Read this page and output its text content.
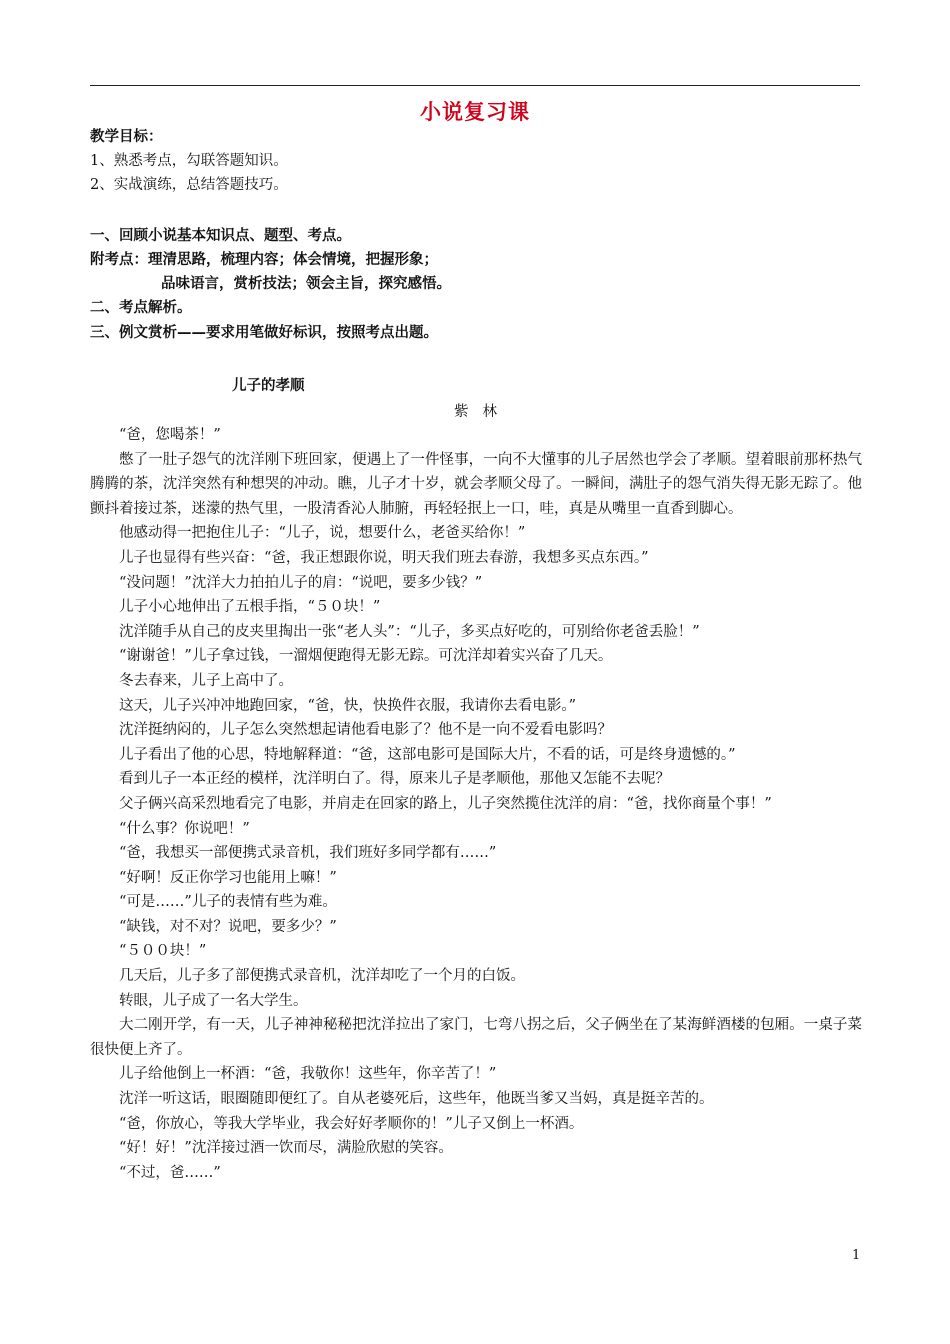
小说复习课
教学目标：
1、熟悉考点，勾联答题知识。
2、实战演练，总结答题技巧。
一、回顾小说基本知识点、题型、考点。
附考点：理清思路，梳理内容；体会情境，把握形象；
品味语言，赏析技法；领会主旨，探究感悟。
二、考点解析。
三、例文赏析——要求用笔做好标识，按照考点出题。
儿子的孝顺
紫林

“爸，您喝茶！”

憋了一肚子怨气的沈洋刚下班回家，便遇上了一件怪事，一向不大懂事的儿子居然也学会了孝顺。望着眼前那杯热气腾腾的茶，沈洋突然有种想哭的冲动。瞧，儿子才十岁，就会孝顺父母了。一瞬间，满肚子的怨气消失得无影无踪了。他颤抖着接过茶，迷濛的热气里，一股清香沁人肺腑，再轻轻抿上一口，哇，真是从嘴里一直香到脚心。

他感动得一把抱住儿子：“儿子，说，想要什么，老爸买给你！”

儿子也显得有些兴奋：“爸，我正想跟你说，明天我们班去春游，我想多买点东西。”

“没问题！”沈洋大力拍拍儿子的肩：“说吧，要多少钱？”

儿子小心地伸出了五根手指，“５０块！”

沈洋随手从自己的皮夹里掏出一张“老人头”：“儿子，多买点好吃的，可别给你老爸丢脸！”

“谢谢爸！”儿子拿过钱，一溜烟便跑得无影无踪。可沈洋却着实兴奋了几天。

冬去春来，儿子上高中了。

这天，儿子兴冲冲地跑回家，“爸，快，快换件衣服，我请你去看电影。”

沈洋挺纳闷的，儿子怎么突然想起请他看电影了？他不是一向不爱看电影吗？

儿子看出了他的心思，特地解释道：“爸，这部电影可是国际大片，不看的话，可是终身遗憾的。”

看到儿子一本正经的模样，沈洋明白了。得，原来儿子是孝顺他，那他又怎能不去呢？

父子俩兴高采烈地看完了电影，并肩走在回家的路上，儿子突然揽住沈洋的肩：“爸，找你商量个事！”

“什么事？你说吧！”

“爸，我想买一部便携式录音机，我们班好多同学都有……”

“好啊！反正你学习也能用上嘛！”

“可是……”儿子的表情有些为难。

“缺钱，对不对？说吧，要多少？”

“５００块！”

几天后，儿子多了部便携式录音机，沈洋却吃了一个月的白饭。

转眼，儿子成了一名大学生。

大二刚开学，有一天，儿子神神秘秘把沈洋拉出了家门，七弯八拐之后，父子俩坐在了某海鲜酒楼的包厢。一桌子菜很快便上齐了。

儿子给他倒上一杯酒：“爸，我敬你！这些年，你辛苦了！”

沈洋一听这话，眼圈随即便红了。自从老婆死后，这些年，他既当爹又当妈，真是挺辛苦的。

“爸，你放心，等我大学毕业，我会好好孝顺你的！”儿子又倒上一杯酒。

“好！好！”沈洋接过酒一饮而尽，满脸欣慰的笑容。

“不过，爸……”

1
